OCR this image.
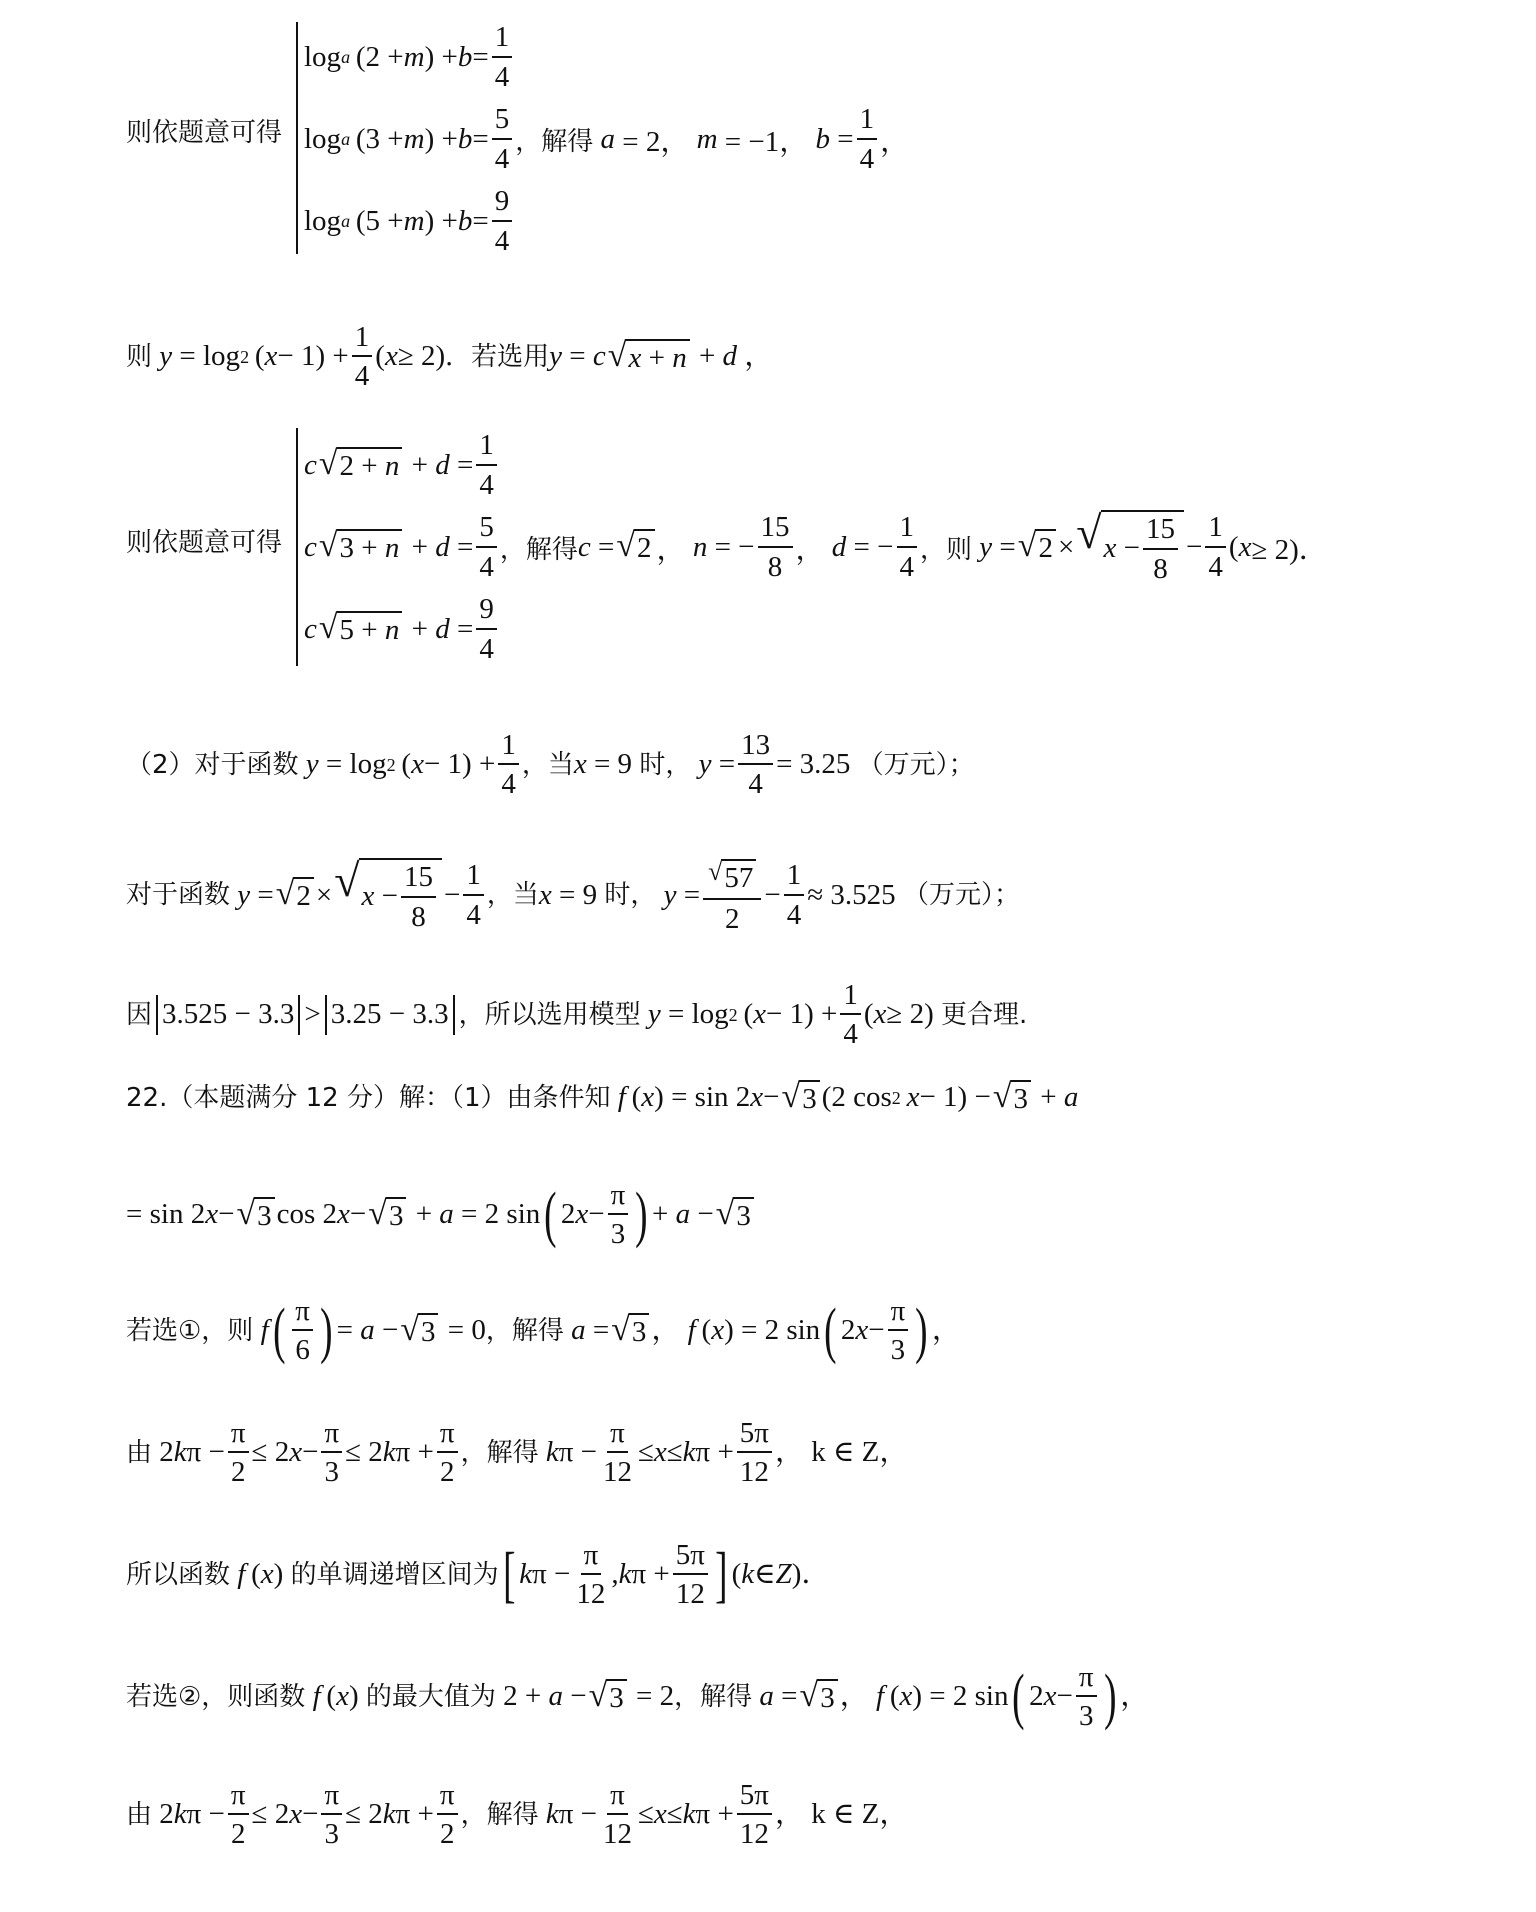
则依题意可得
log a  (2 + m ) + $b = \frac{1}{4}$
log a  (3 + m ) + $b = \frac{5}{4}$ ，解得
a = 2， m = −1， $b = \frac{1}{4}$ ，
log a  (5 + m ) + $b = \frac{9}{4}$
则
y = log 2  ( $x - 1) + \frac{1}{4}$ ( x ≥ 2) ．若选用 y = c √ x + n + d ，
则依题意可得
c √ $2 + n + d = \frac{1}{4}$
c √ $3 + n + d = \frac{5}{4}$ ，解得 c = √ 2 ， n = − $\frac{15}{8}$ ， d = − $\frac{1}{4}$ ，则
y = √ 2 × √ $x - \frac{15}{8} - \frac{1}{4}$ ( x ≥ 2)．
c √ $5 + n + d = \frac{9}{4}$
（2）对于函数
y = log 2  ( $x - 1) + \frac{1}{4}$ ，当 x = 9 时，
$y = \frac{13}{4} = 3.25$
（万元）；
对于函数
y = √ 2 × √ $x - \frac{15}{8} - \frac{1}{4}$ ，当 x = 9 时，
$y = \frac{√ 57}{2} - \frac{1}{4} \approx 3.525$
（万元）；
因 3.525 − 3.3 > 3.25 − 3.3 ，所以选用模型
y = log 2  ( $x - 1) + \frac{1}{4}$ ( x ≥ 2) 更合理.
22.（本题满分 12 分）解：（1）由条件知
f  ( x ) = sin 2 x − √ 3 (2 cos 2
  x − 1) − √ 3 + a
= sin 2 x − √ 3 cos 2 x − √ 3 + a = 2 sin ( 2 $x - \frac{\pi}{3}$ ) + a − √ 3
若选①，则
f ( $\frac{\pi}{6}$ ) = a − √ 3 = 0 ，解得
a = √ 3 ， f  ( x ) = 2 sin ( 2 $x - \frac{\pi}{3}$ ) ，
由 2 k $\pi - \frac{\pi}{2} \le 2$ $x - \frac{\pi}{3} \le 2$ k $\pi + \frac{\pi}{2}$ ，解得
k $\pi - \frac{\pi}{12} \le x \le k$ $\pi + \frac{5\pi}{12}$ ， k ∈ Z，
所以函数
f  ( x ) 的单调递增区间为 [ k $\pi - \frac{\pi}{12}$ , k $\pi + \frac{5\pi}{12}$ ] ( k ∈ Z )．
若选②，则函数
f  ( x ) 的最大值为 2 + a − √ 3 = 2 ，解得
a = √ 3 ， f  ( x ) = 2 sin ( 2 $x - \frac{\pi}{3}$ ) ，
由 2 k $\pi - \frac{\pi}{2} \le 2$ $x - \frac{\pi}{3} \le 2$ k $\pi + \frac{\pi}{2}$ ，解得
k $\pi - \frac{\pi}{12} \le x \le k$ $\pi + \frac{5\pi}{12}$ ， k ∈ Z，
